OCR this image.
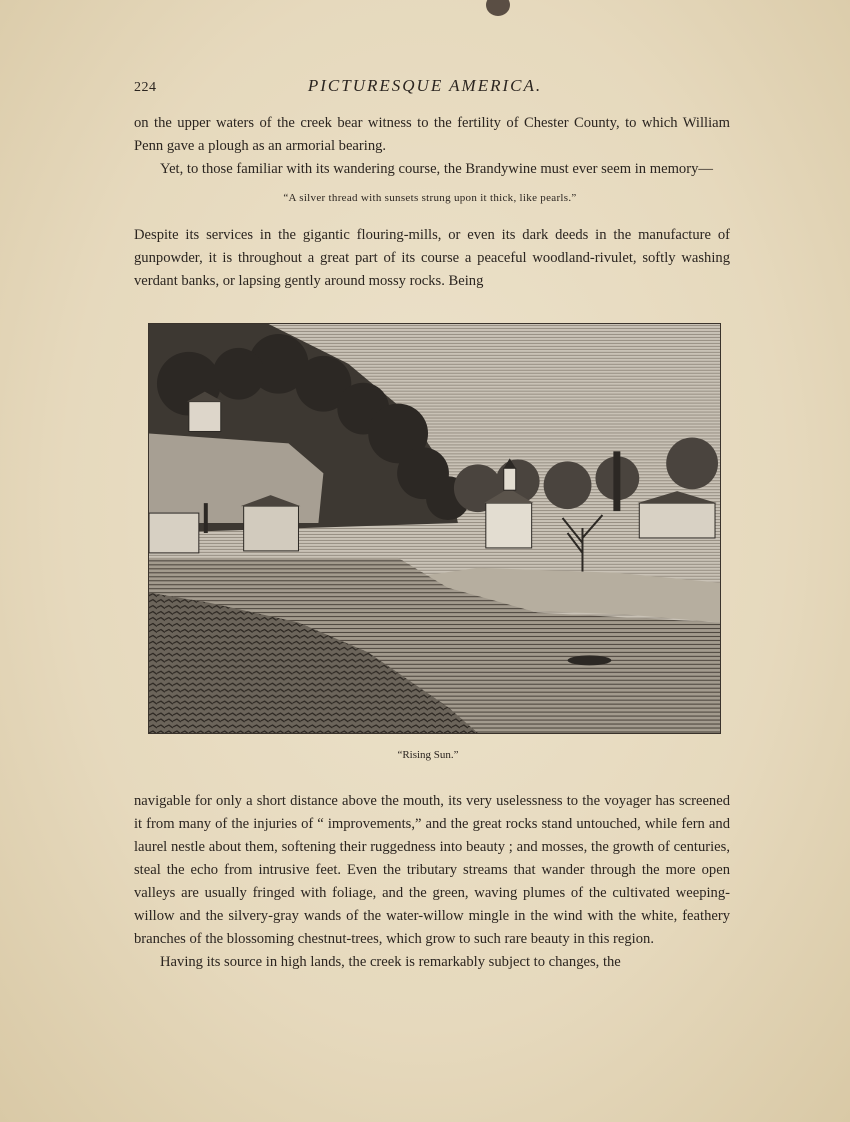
224	PICTURESQUE AMERICA.

on the upper waters of the creek bear witness to the fertility of Chester County, to which William Penn gave a plough as an armorial bearing.

Yet, to those familiar with its wandering course, the Brandywine must ever seem in memory—

“A silver thread with sunsets strung upon it thick, like pearls.”

Despite its services in the gigantic flouring-mills, or even its dark deeds in the manufacture of gunpowder, it is throughout a great part of its course a peaceful woodland-rivulet, softly washing verdant banks, or lapsing gently around mossy rocks. Being

“Rising Sun.”

navigable for only a short distance above the mouth, its very uselessness to the voyager has screened it from many of the injuries of “ improvements,” and the great rocks stand untouched, while fern and laurel nestle about them, softening their ruggedness into beauty ; and mosses, the growth of centuries, steal the echo from intrusive feet. Even the tributary streams that wander through the more open valleys are usually fringed with foliage, and the green, waving plumes of the cultivated weeping-willow and the silvery-gray wands of the water-willow mingle in the wind with the white, feathery branches of the blossoming chestnut-trees, which grow to such rare beauty in this region.

Having its source in high lands, the creek is remarkably subject to changes, the
